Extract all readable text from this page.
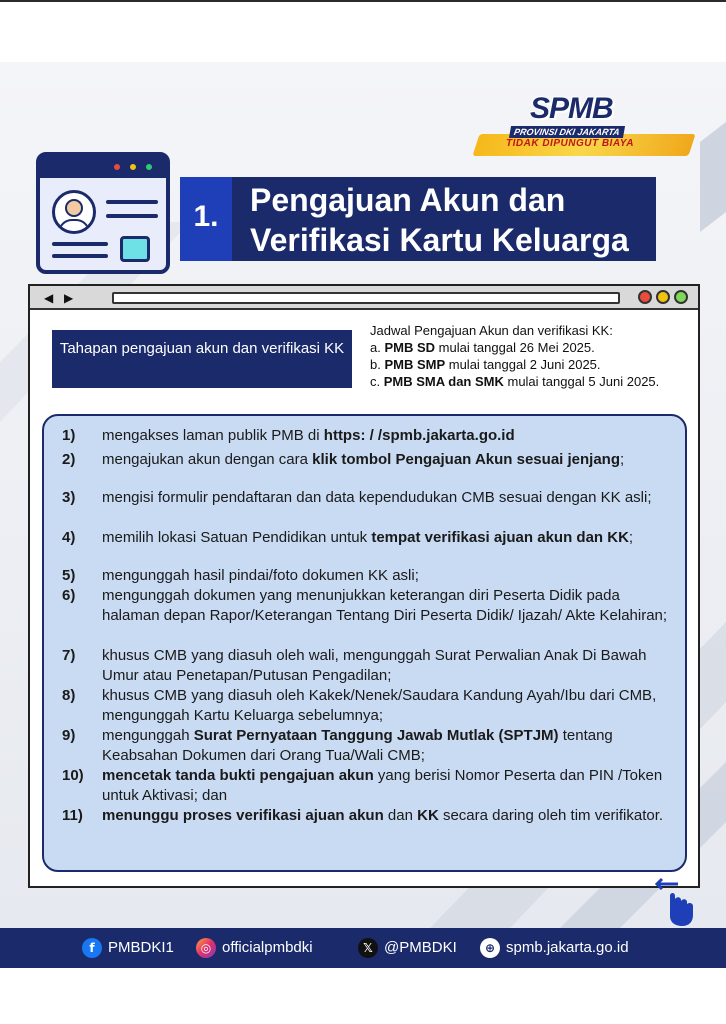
SPMB
PROVINSI DKI JAKARTA
TIDAK DIPUNGUT BIAYA
1. Pengajuan Akun dan Verifikasi Kartu Keluarga
◀ ▶
Tahapan pengajuan akun dan verifikasi KK
Jadwal Pengajuan Akun dan verifikasi KK:
a. PMB SD mulai tanggal 26 Mei 2025.
b. PMB SMP mulai tanggal 2 Juni 2025.
c. PMB SMA dan SMK mulai tanggal 5 Juni 2025.
1)	mengakses laman publik PMB di https: / /spmb.jakarta.go.id
2)	mengajukan akun dengan cara klik tombol Pengajuan Akun sesuai jenjang;
3)	mengisi formulir pendaftaran dan data kependudukan CMB sesuai dengan KK asli;
4)	memilih lokasi Satuan Pendidikan untuk tempat verifikasi ajuan akun dan KK;
5)	mengunggah hasil pindai/foto dokumen KK asli;
6)	mengunggah dokumen yang menunjukkan keterangan diri Peserta Didik pada halaman depan Rapor/Keterangan Tentang Diri Peserta Didik/ Ijazah/ Akte Kelahiran;
7)	khusus CMB yang diasuh oleh wali, mengunggah Surat Perwalian Anak Di Bawah Umur atau Penetapan/Putusan Pengadilan;
8)	khusus CMB yang diasuh oleh Kakek/Nenek/Saudara Kandung Ayah/Ibu dari CMB, mengunggah Kartu Keluarga sebelumnya;
9)	mengunggah Surat Pernyataan Tanggung Jawab Mutlak (SPTJM) tentang Keabsahan Dokumen dari Orang Tua/Wali CMB;
10)	mencetak tanda bukti pengajuan akun yang berisi Nomor Peserta dan PIN /Token untuk Aktivasi; dan
11)	menunggu proses verifikasi ajuan akun dan KK secara daring oleh tim verifikator.
f PMBDKI1	◎ officialpmbdki	𝕏 @PMBDKI	⊕ spmb.jakarta.go.id
